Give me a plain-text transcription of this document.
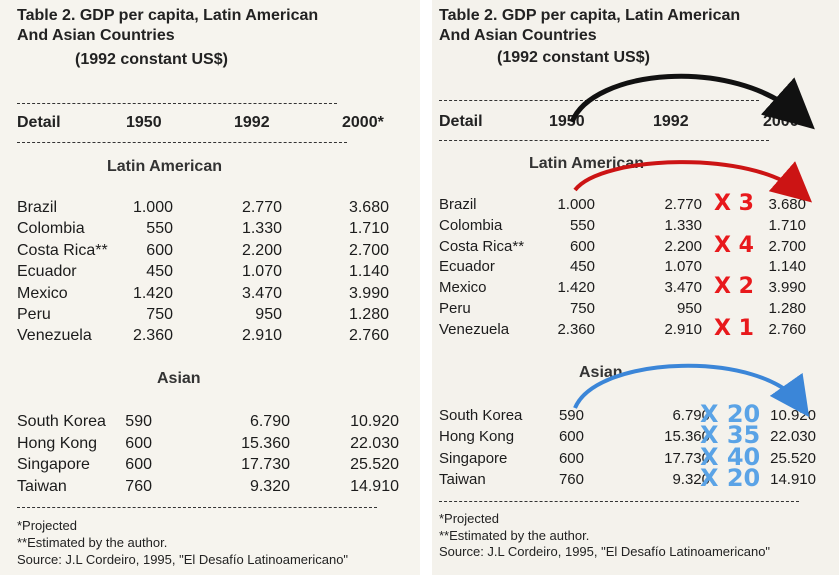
Table 2. GDP per capita, Latin American
And Asian Countries
(1992 constant US$)
Detail	1950	1992	2000*
Latin American
Brazil	1.000	2.770	3.680
Colombia	550	1.330	1.710
Costa Rica**	600	2.200	2.700
Ecuador	450	1.070	1.140
Mexico	1.420	3.470	3.990
Peru	750	950	1.280
Venezuela	2.360	2.910	2.760
Asian
South Korea	590	6.790	10.920
Hong Kong	600	15.360	22.030
Singapore	600	17.730	25.520
Taiwan	760	9.320	14.910
*Projected
**Estimated by the author.
Source: J.L Cordeiro, 1995, "El Desafío Latinoamericano"
Table 2. GDP per capita, Latin American
And Asian Countries
(1992 constant US$)
Detail	1950	1992	2000*
Latin American
Brazil	1.000	2.770	3.680
Colombia	550	1.330	1.710
Costa Rica**	600	2.200	2.700
Ecuador	450	1.070	1.140
Mexico	1.420	3.470	3.990
Peru	750	950	1.280
Venezuela	2.360	2.910	2.760
Asian
South Korea	590	6.790	10.920
Hong Kong	600	15.360	22.030
Singapore	600	17.730	25.520
Taiwan	760	9.320	14.910
*Projected
**Estimated by the author.
Source: J.L Cordeiro, 1995, "El Desafío Latinoamericano"
X 3
X 4
X 2
X 1
X 20
X 35
X 40
X 20
